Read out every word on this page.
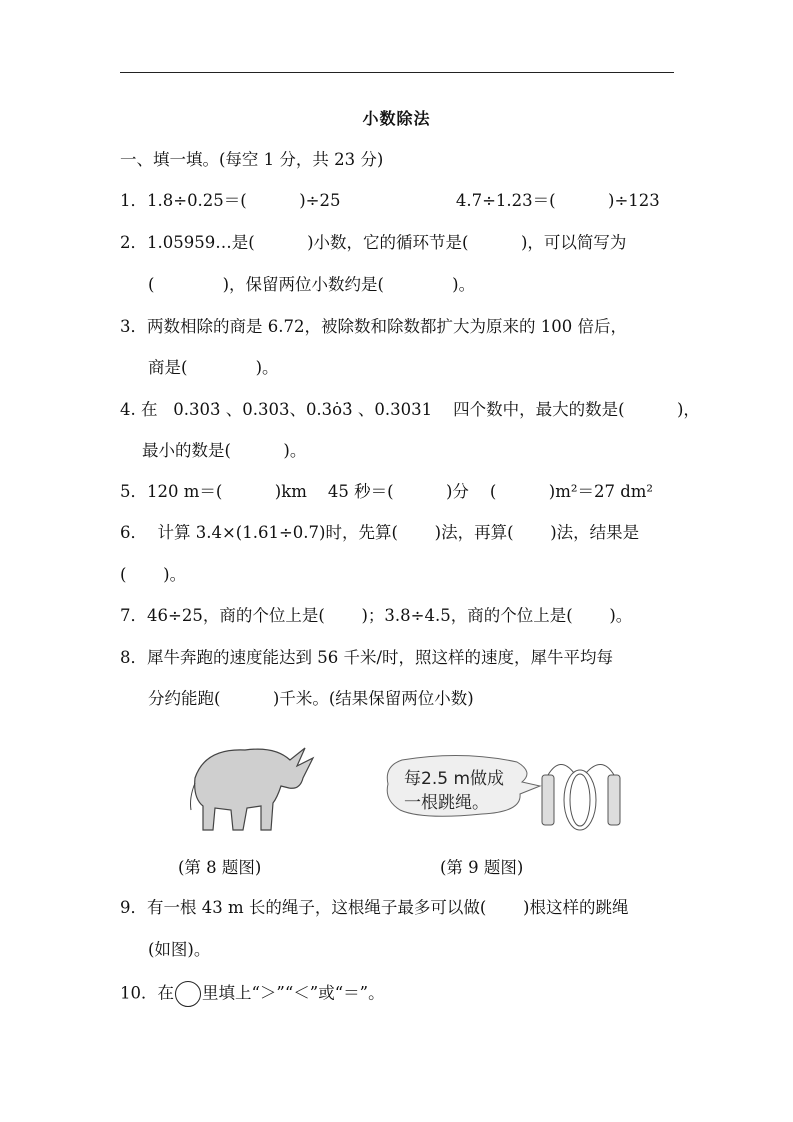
小数除法
一、填一填。(每空 1 分，共 23 分)
1．1.8÷0.25＝(          )÷25                      4.7÷1.23＝(          )÷123
2．1.05959…是(          )小数，它的循环节是(          )，可以简写为
(             )，保留两位小数约是(             )。
3．两数相除的商是 6.72，被除数和除数都扩大为原来的 100 倍后，
商是(             )。
4. 在   0.303̇ 、0.303、0.3ȯ3̇ 、0.3031    四个数中，最大的数是(          )，
最小的数是(          )。
5．120 m＝(          )km    45 秒＝(          )分    (          )m²＝27 dm²
6．  计算 3.4×(1.61÷0.7)时，先算(       )法，再算(       )法，结果是
(       )。
7．46÷25，商的个位上是(       )；3.8÷4.5，商的个位上是(       )。
8．犀牛奔跑的速度能达到 56 千米/时，照这样的速度，犀牛平均每
分约能跑(          )千米。(结果保留两位小数)
每2.5 m做成
一根跳绳。
(第 8 题图)	(第 9 题图)
9．有一根 43 m 长的绳子，这根绳子最多可以做(       )根这样的跳绳
(如图)。
10．在 里填上“＞”“＜”或“＝”。
